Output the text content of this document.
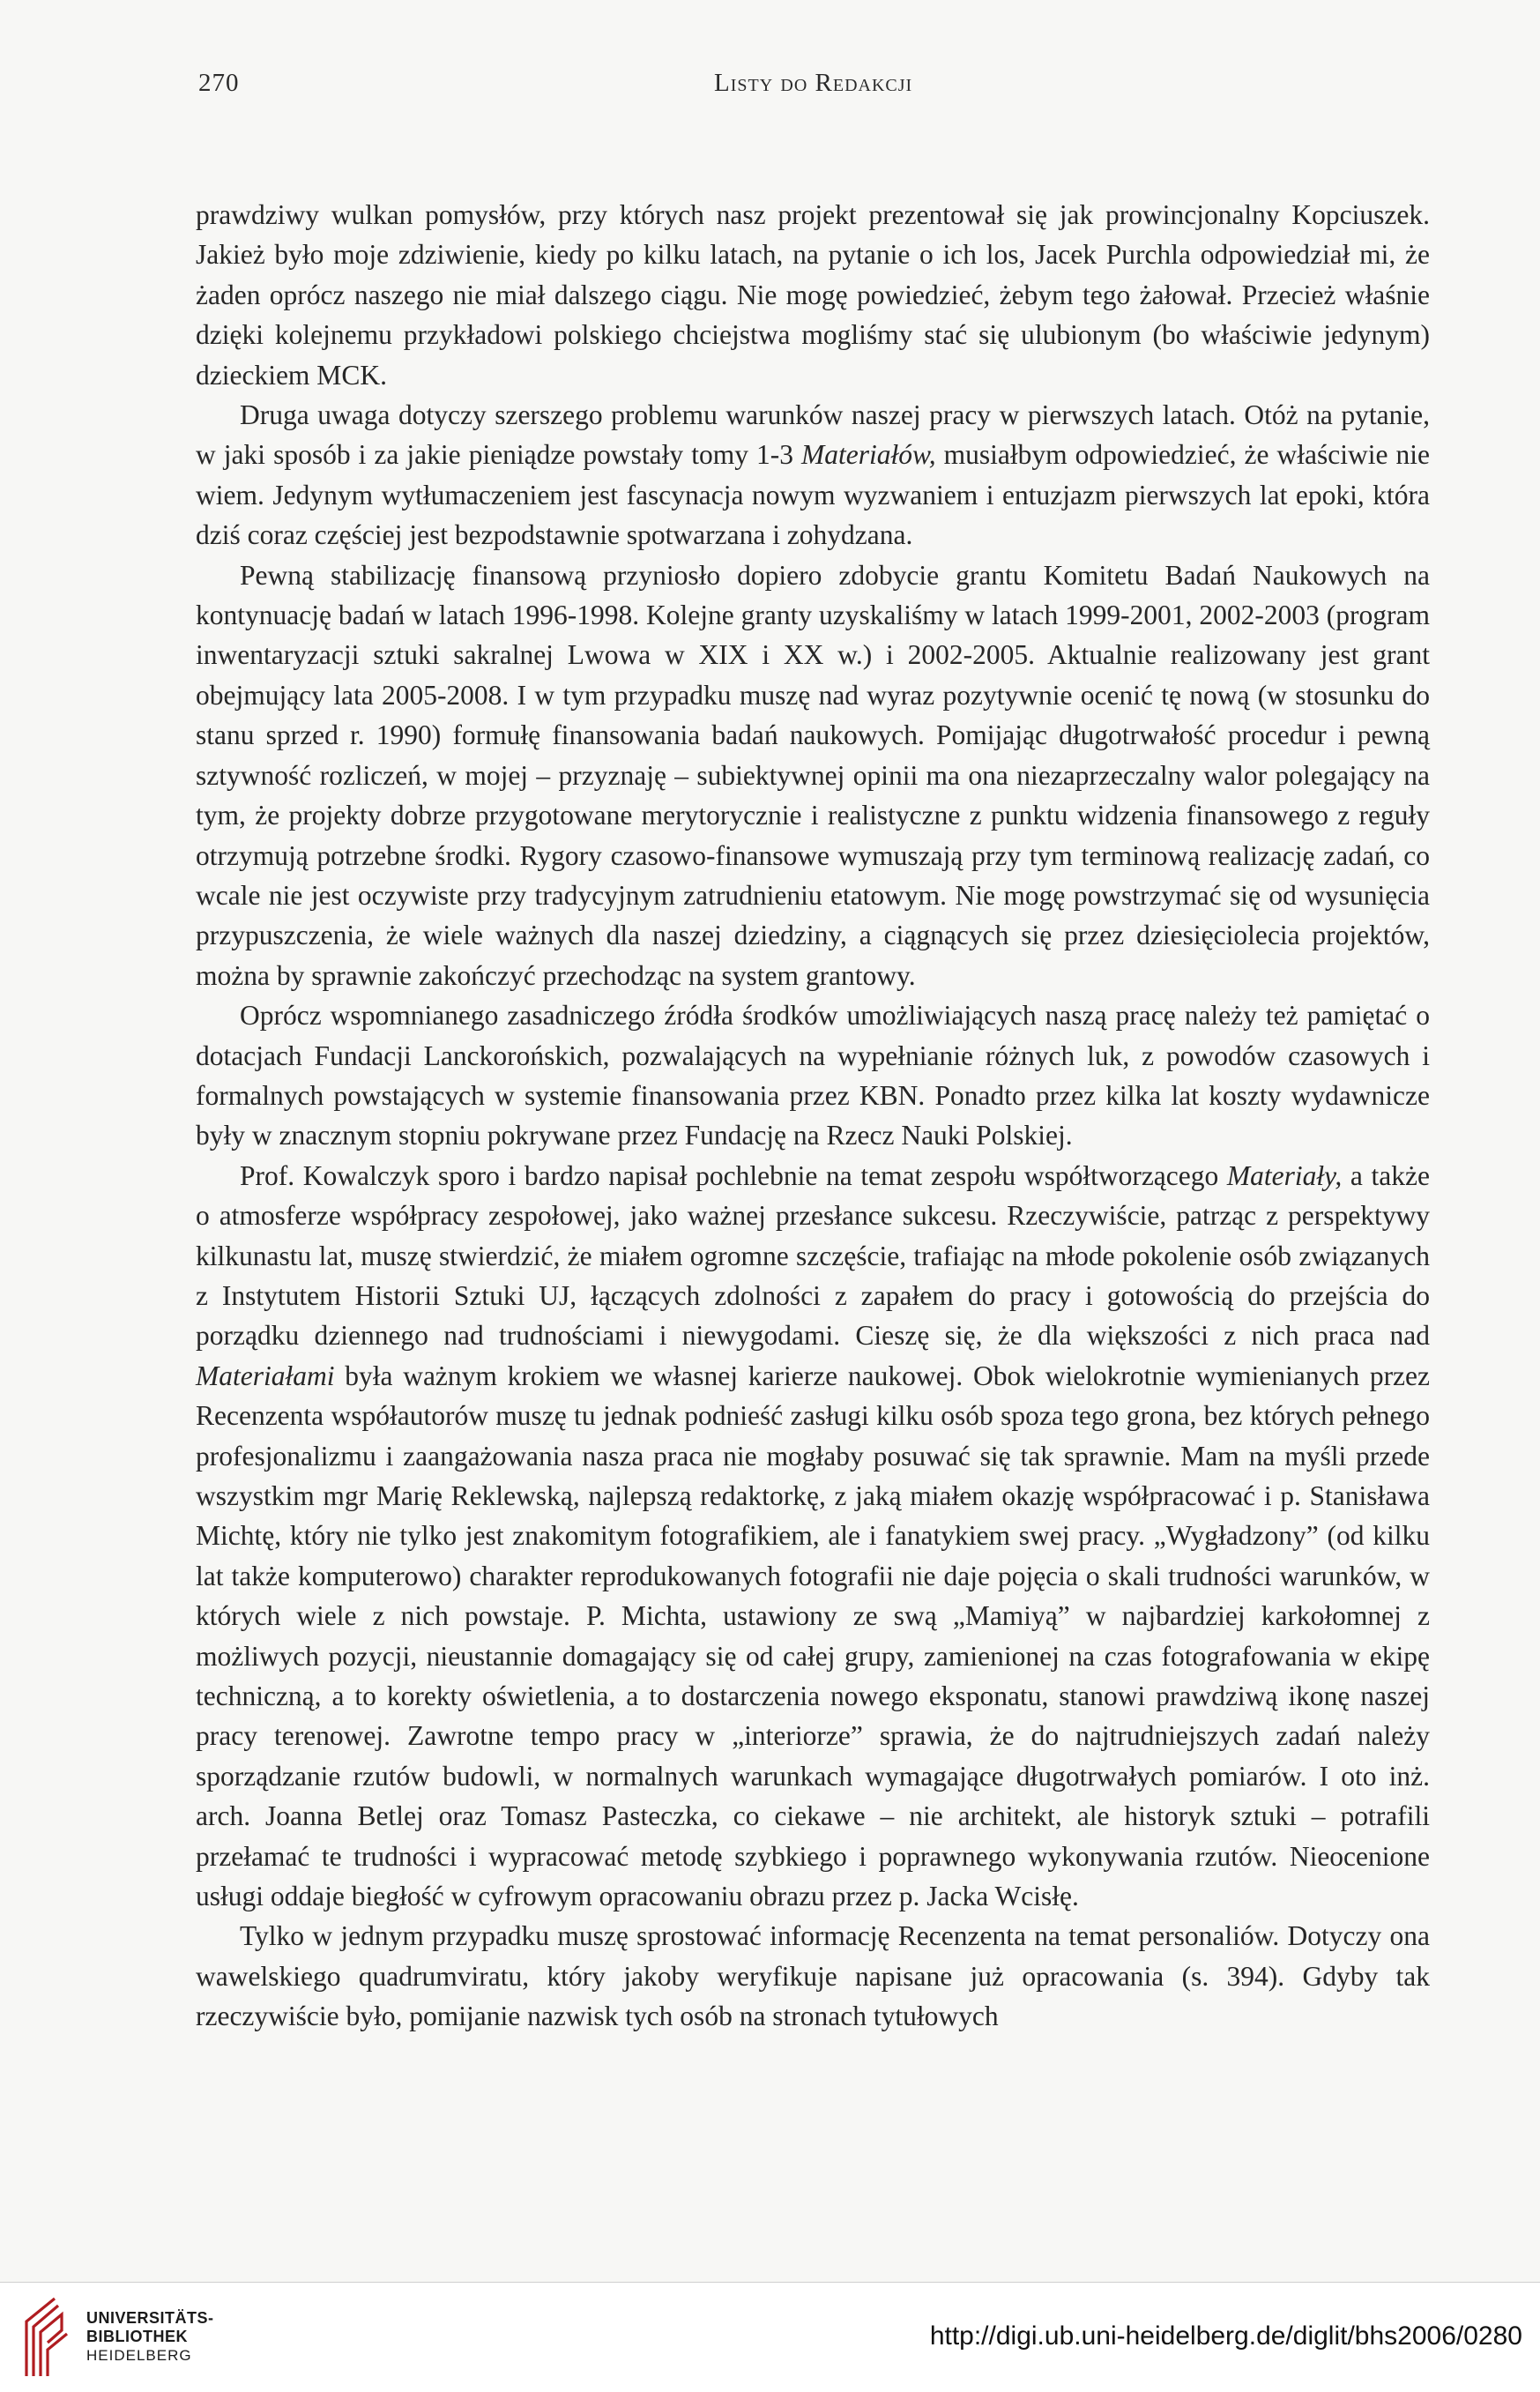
270	Listy do Redakcji

prawdziwy wulkan pomysłów, przy których nasz projekt prezentował się jak prowincjonalny Kopciuszek. Jakież było moje zdziwienie, kiedy po kilku latach, na pytanie o ich los, Jacek Purchla odpowiedział mi, że żaden oprócz naszego nie miał dalszego ciągu. Nie mogę powiedzieć, żebym tego żałował. Przecież właśnie dzięki kolejnemu przykładowi polskiego chciejstwa mogliśmy stać się ulubionym (bo właściwie jedynym) dzieckiem MCK.

Druga uwaga dotyczy szerszego problemu warunków naszej pracy w pierwszych latach. Otóż na pytanie, w jaki sposób i za jakie pieniądze powstały tomy 1-3 Materiałów, musiałbym odpowiedzieć, że właściwie nie wiem. Jedynym wytłumaczeniem jest fascynacja nowym wyzwaniem i entuzjazm pierwszych lat epoki, która dziś coraz częściej jest bezpodstawnie spotwarzana i zohydzana.

Pewną stabilizację finansową przyniosło dopiero zdobycie grantu Komitetu Badań Naukowych na kontynuację badań w latach 1996-1998. Kolejne granty uzyskaliśmy w latach 1999-2001, 2002-2003 (program inwentaryzacji sztuki sakralnej Lwowa w XIX i XX w.) i 2002-2005. Aktualnie realizowany jest grant obejmujący lata 2005-2008. I w tym przypadku muszę nad wyraz pozytywnie ocenić tę nową (w stosunku do stanu sprzed r. 1990) formułę finansowania badań naukowych. Pomijając długotrwałość procedur i pewną sztywność rozliczeń, w mojej – przyznaję – subiektywnej opinii ma ona niezaprzeczalny walor polegający na tym, że projekty dobrze przygotowane merytorycznie i realistyczne z punktu widzenia finansowego z reguły otrzymują potrzebne środki. Rygory czasowo-finansowe wymuszają przy tym terminową realizację zadań, co wcale nie jest oczywiste przy tradycyjnym zatrudnieniu etatowym. Nie mogę powstrzymać się od wysunięcia przypuszczenia, że wiele ważnych dla naszej dziedziny, a ciągnących się przez dziesięciolecia projektów, można by sprawnie zakończyć przechodząc na system grantowy.

Oprócz wspomnianego zasadniczego źródła środków umożliwiających naszą pracę należy też pamiętać o dotacjach Fundacji Lanckorońskich, pozwalających na wypełnianie różnych luk, z powodów czasowych i formalnych powstających w systemie finansowania przez KBN. Ponadto przez kilka lat koszty wydawnicze były w znacznym stopniu pokrywane przez Fundację na Rzecz Nauki Polskiej.

Prof. Kowalczyk sporo i bardzo napisał pochlebnie na temat zespołu współtworzącego Materiały, a także o atmosferze współpracy zespołowej, jako ważnej przesłance sukcesu. Rzeczywiście, patrząc z perspektywy kilkunastu lat, muszę stwierdzić, że miałem ogromne szczęście, trafiając na młode pokolenie osób związanych z Instytutem Historii Sztuki UJ, łączących zdolności z zapałem do pracy i gotowością do przejścia do porządku dziennego nad trudnościami i niewygodami. Cieszę się, że dla większości z nich praca nad Materiałami była ważnym krokiem we własnej karierze naukowej. Obok wielokrotnie wymienianych przez Recenzenta współautorów muszę tu jednak podnieść zasługi kilku osób spoza tego grona, bez których pełnego profesjonalizmu i zaangażowania nasza praca nie mogłaby posuwać się tak sprawnie. Mam na myśli przede wszystkim mgr Marię Reklewską, najlepszą redaktorkę, z jaką miałem okazję współpracować i p. Stanisława Michtę, który nie tylko jest znakomitym fotografikiem, ale i fanatykiem swej pracy. „Wygładzony” (od kilku lat także komputerowo) charakter reprodukowanych fotografii nie daje pojęcia o skali trudności warunków, w których wiele z nich powstaje. P. Michta, ustawiony ze swą „Mamiyą” w najbardziej karkołomnej z możliwych pozycji, nieustannie domagający się od całej grupy, zamienionej na czas fotografowania w ekipę techniczną, a to korekty oświetlenia, a to dostarczenia nowego eksponatu, stanowi prawdziwą ikonę naszej pracy terenowej. Zawrotne tempo pracy w „interiorze” sprawia, że do najtrudniejszych zadań należy sporządzanie rzutów budowli, w normalnych warunkach wymagające długotrwałych pomiarów. I oto inż. arch. Joanna Betlej oraz Tomasz Pasteczka, co ciekawe – nie architekt, ale historyk sztuki – potrafili przełamać te trudności i wypracować metodę szybkiego i poprawnego wykonywania rzutów. Nieocenione usługi oddaje biegłość w cyfrowym opracowaniu obrazu przez p. Jacka Wcisłę.

Tylko w jednym przypadku muszę sprostować informację Recenzenta na temat personaliów. Dotyczy ona wawelskiego quadrumviratu, który jakoby weryfikuje napisane już opracowania (s. 394). Gdyby tak rzeczywiście było, pomijanie nazwisk tych osób na stronach tytułowych

UNIVERSITÄTS-
BIBLIOTHEK
HEIDELBERG
http://digi.ub.uni-heidelberg.de/diglit/bhs2006/0280
